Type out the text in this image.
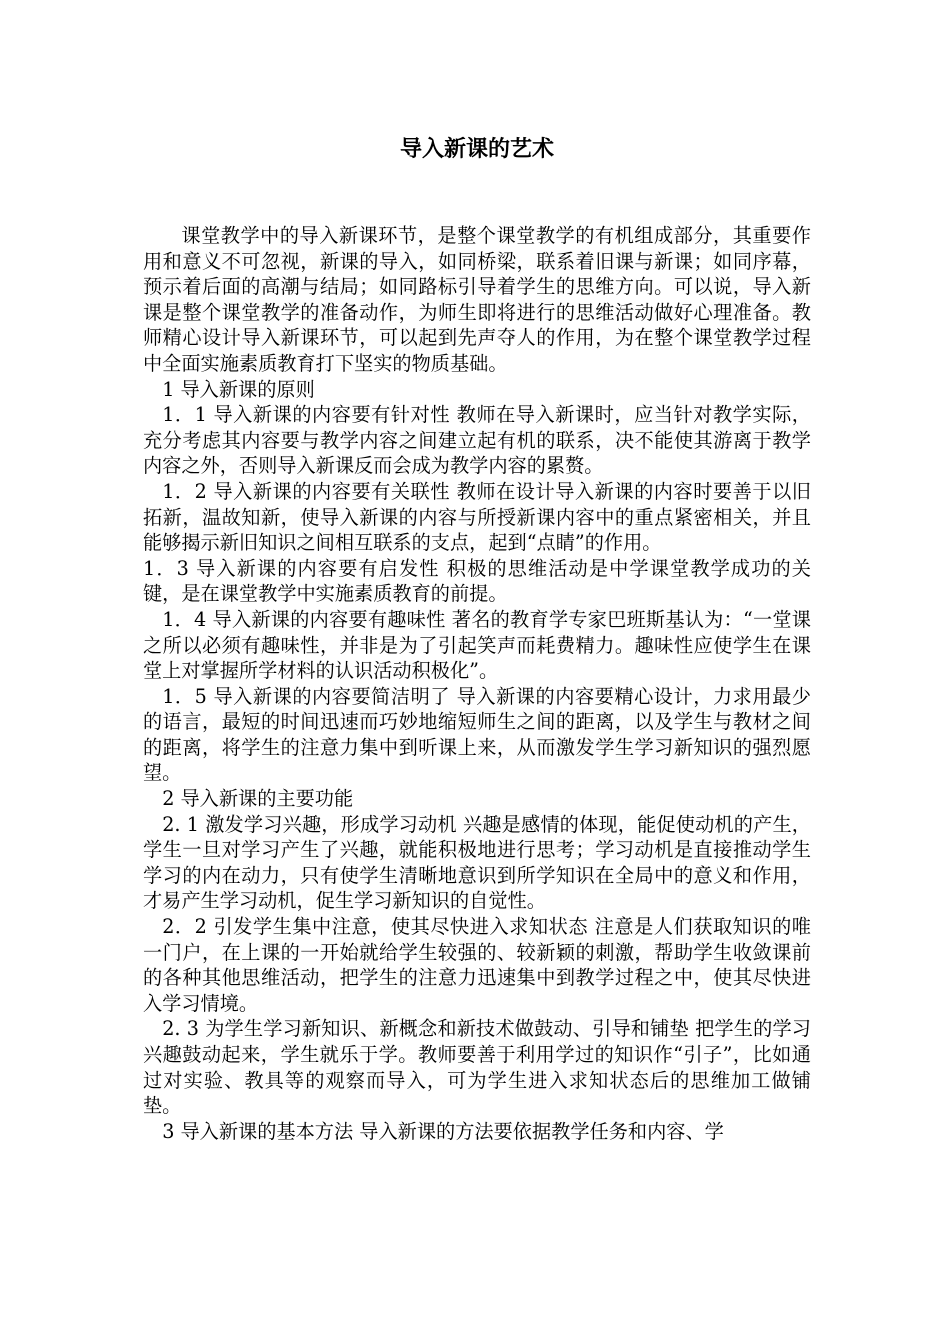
导入新课的艺术

课堂教学中的导入新课环节，是整个课堂教学的有机组成部分，其重要作用和意义不可忽视，新课的导入，如同桥梁，联系着旧课与新课；如同序幕，预示着后面的高潮与结局；如同路标引导着学生的思维方向。可以说，导入新课是整个课堂教学的准备动作，为师生即将进行的思维活动做好心理准备。教师精心设计导入新课环节，可以起到先声夺人的作用，为在整个课堂教学过程中全面实施素质教育打下坚实的物质基础。

1 导入新课的原则

1．1 导入新课的内容要有针对性 教师在导入新课时，应当针对教学实际，充分考虑其内容要与教学内容之间建立起有机的联系，决不能使其游离于教学内容之外，否则导入新课反而会成为教学内容的累赘。

1．2 导入新课的内容要有关联性 教师在设计导入新课的内容时要善于以旧拓新，温故知新，使导入新课的内容与所授新课内容中的重点紧密相关，并且能够揭示新旧知识之间相互联系的支点，起到“点睛”的作用。

1．3 导入新课的内容要有启发性 积极的思维活动是中学课堂教学成功的关键，是在课堂教学中实施素质教育的前提。

1．4 导入新课的内容要有趣味性 著名的教育学专家巴班斯基认为：“一堂课之所以必须有趣味性，并非是为了引起笑声而耗费精力。趣味性应使学生在课堂上对掌握所学材料的认识活动积极化”。

1．5 导入新课的内容要简洁明了 导入新课的内容要精心设计，力求用最少的语言，最短的时间迅速而巧妙地缩短师生之间的距离，以及学生与教材之间的距离，将学生的注意力集中到听课上来，从而激发学生学习新知识的强烈愿望。

2 导入新课的主要功能

2. 1 激发学习兴趣，形成学习动机 兴趣是感情的体现，能促使动机的产生，学生一旦对学习产生了兴趣，就能积极地进行思考；学习动机是直接推动学生学习的内在动力，只有使学生清晰地意识到所学知识在全局中的意义和作用，才易产生学习动机，促生学习新知识的自觉性。

2．2 引发学生集中注意，使其尽快进入求知状态 注意是人们获取知识的唯一门户，在上课的一开始就给学生较强的、较新颖的刺激，帮助学生收敛课前的各种其他思维活动，把学生的注意力迅速集中到教学过程之中，使其尽快进入学习情境。

2. 3 为学生学习新知识、新概念和新技术做鼓动、引导和铺垫 把学生的学习兴趣鼓动起来，学生就乐于学。教师要善于利用学过的知识作“引子”，比如通过对实验、教具等的观察而导入，可为学生进入求知状态后的思维加工做铺垫。

3 导入新课的基本方法 导入新课的方法要依据教学任务和内容、学
